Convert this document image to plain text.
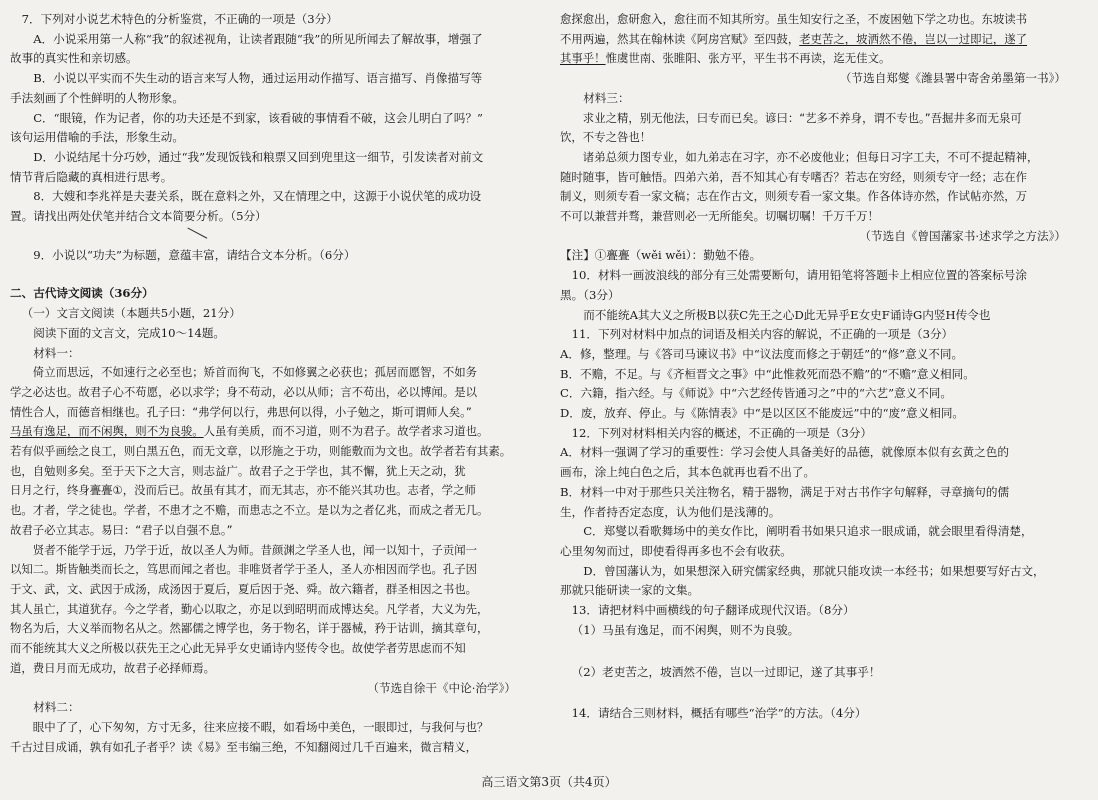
7．下列对小说艺术特色的分析鉴赏，不正确的一项是（3分）

A．小说采用第一人称“我”的叙述视角，让读者跟随“我”的所见所闻去了解故事，增强了

故事的真实性和亲切感。

B．小说以平实而不失生动的语言来写人物，通过运用动作描写、语言描写、肖像描写等

手法刻画了个性鲜明的人物形象。

C．“眼镜，作为记者，你的功夫还是不到家，该看破的事情看不破，这会儿明白了吗？”

该句运用借喻的手法，形象生动。

D．小说结尾十分巧妙，通过“我”发现饭钱和粮票又回到兜里这一细节，引发读者对前文

情节背后隐藏的真相进行思考。

8．大嫂和李兆祥是夫妻关系，既在意料之外，又在情理之中，这源于小说伏笔的成功设

置。请找出两处伏笔并结合文本简要分析。（5分）

9．小说以“功夫”为标题，意蕴丰富，请结合文本分析。（6分）

二、古代诗文阅读（36分）

（一）文言文阅读（本题共5小题，21分）

阅读下面的文言文，完成10～14题。

材料一：

倚立而思远，不如速行之必至也；矫首而徇飞，不如修翼之必获也；孤居而愿智，不如务

学之必达也。故君子心不苟愿，必以求学；身不苟动，必以从师；言不苟出，必以博闻。是以

情性合人，而德音相继也。孔子曰：“弗学何以行，弗思何以得，小子勉之，斯可谓师人矣。”

马虽有逸足，而不闲舆，则不为良骏。人虽有美质，而不习道，则不为君子。故学者求习道也。

若有似乎画绘之良工，则白黑五色，而无文章，以形施之于功，则能敷而为文也。故学者若有其素。

也，自勉则多矣。至于天下之大言，则志益广。故君子之于学也，其不懈，犹上天之动，犹

日月之行，终身亹亹①，没而后已。故虽有其才，而无其志，亦不能兴其功也。志者，学之师

也。才者，学之徒也。学者，不患才之不赡，而患志之不立。是以为之者亿兆，而成之者无几。

故君子必立其志。易曰：“君子以自强不息。”

贤者不能学于远，乃学于近，故以圣人为师。昔颜渊之学圣人也，闻一以知十，子贡闻一

以知二。斯皆触类而长之，笃思而闻之者也。非唯贤者学于圣人，圣人亦相因而学也。孔子因

于文、武，文、武因于成汤，成汤因于夏后，夏后因于尧、舜。故六籍者，群圣相因之书也。

其人虽亡，其道犹存。今之学者，勤心以取之，亦足以到昭明而成博达矣。凡学者，大义为先，

物名为后，大义举而物名从之。然鄙儒之博学也，务于物名，详于器械，矜于诂训，摘其章句，

而不能统其大义之所极以获先王之心此无异乎女史诵诗内竖传令也。故使学者劳思虑而不知

道，费日月而无成功，故君子必择师焉。

（节选自徐干《中论·治学》）

材料二：

眼中了了，心下匆匆，方寸无多，往来应接不暇，如看场中美色，一眼即过，与我何与也？

千古过目成诵，孰有如孔子者乎？读《易》至韦编三绝，不知翻阅过几千百遍来，微言精义，

愈探愈出，愈研愈入，愈往而不知其所穷。虽生知安行之圣，不废困勉下学之功也。东坡读书

不用两遍，然其在翰林读《阿房宫赋》至四鼓，老吏苦之，坡洒然不倦，岂以一过即记，遂了

其事乎！惟虞世南、张睢阳、张方平，平生书不再读，迄无佳文。

（节选自郑燮《潍县署中寄舍弟墨第一书》）

材料三：

求业之精，别无他法，曰专而已矣。谚曰：“艺多不养身，谓不专也。”吾掘井多而无泉可

饮，不专之咎也！

诸弟总须力图专业，如九弟志在习字，亦不必废他业；但每日习字工夫，不可不提起精神，

随时随事，皆可触悟。四弟六弟，吾不知其心有专嗜否？若志在穷经，则须专守一经；志在作

制义，则须专看一家文稿；志在作古文，则须专看一家文集。作各体诗亦然，作试帖亦然，万

不可以兼营并骛，兼营则必一无所能矣。切嘱切嘱！千万千万！

（节选自《曾国藩家书·述求学之方法》）

【注】①亹亹（wěi wěi）：勤勉不倦。

10．材料一画波浪线的部分有三处需要断句，请用铅笔将答题卡上相应位置的答案标号涂

黑。（3分）

而不能统A其大义之所极B以获C先王之心D此无异乎E女史F诵诗G内竖H传令也

11．下列对材料中加点的词语及相关内容的解说，不正确的一项是（3分）

A．修，整理。与《答司马谏议书》中“议法度而修之于朝廷”的“修”意义不同。

B．不赡，不足。与《齐桓晋文之事》中“此惟救死而恐不赡”的“不赡”意义相同。

C．六籍，指六经。与《师说》中“六艺经传皆通习之”中的“六艺”意义不同。

D．废，放弃、停止。与《陈情表》中“是以区区不能废远”中的“废”意义相同。

12．下列对材料相关内容的概述，不正确的一项是（3分）

A．材料一强调了学习的重要性：学习会使人具备美好的品德，就像原本似有玄黄之色的

画布，涂上纯白色之后，其本色就再也看不出了。

B．材料一中对于那些只关注物名，精于器物，满足于对古书作字句解释，寻章摘句的儒

生，作者持否定态度，认为他们是浅薄的。

C．郑燮以看歌舞场中的美女作比，阐明看书如果只追求一眼成诵，就会眼里看得清楚，

心里匆匆而过，即使看得再多也不会有收获。

D．曾国藩认为，如果想深入研究儒家经典，那就只能攻读一本经书；如果想要写好古文，

那就只能研读一家的文集。

13．请把材料中画横线的句子翻译成现代汉语。（8分）

（1）马虽有逸足，而不闲舆，则不为良骏。

（2）老吏苦之，坡洒然不倦，岂以一过即记，遂了其事乎！

14．请结合三则材料，概括有哪些“治学”的方法。（4分）

高三语文第3页（共4页）
